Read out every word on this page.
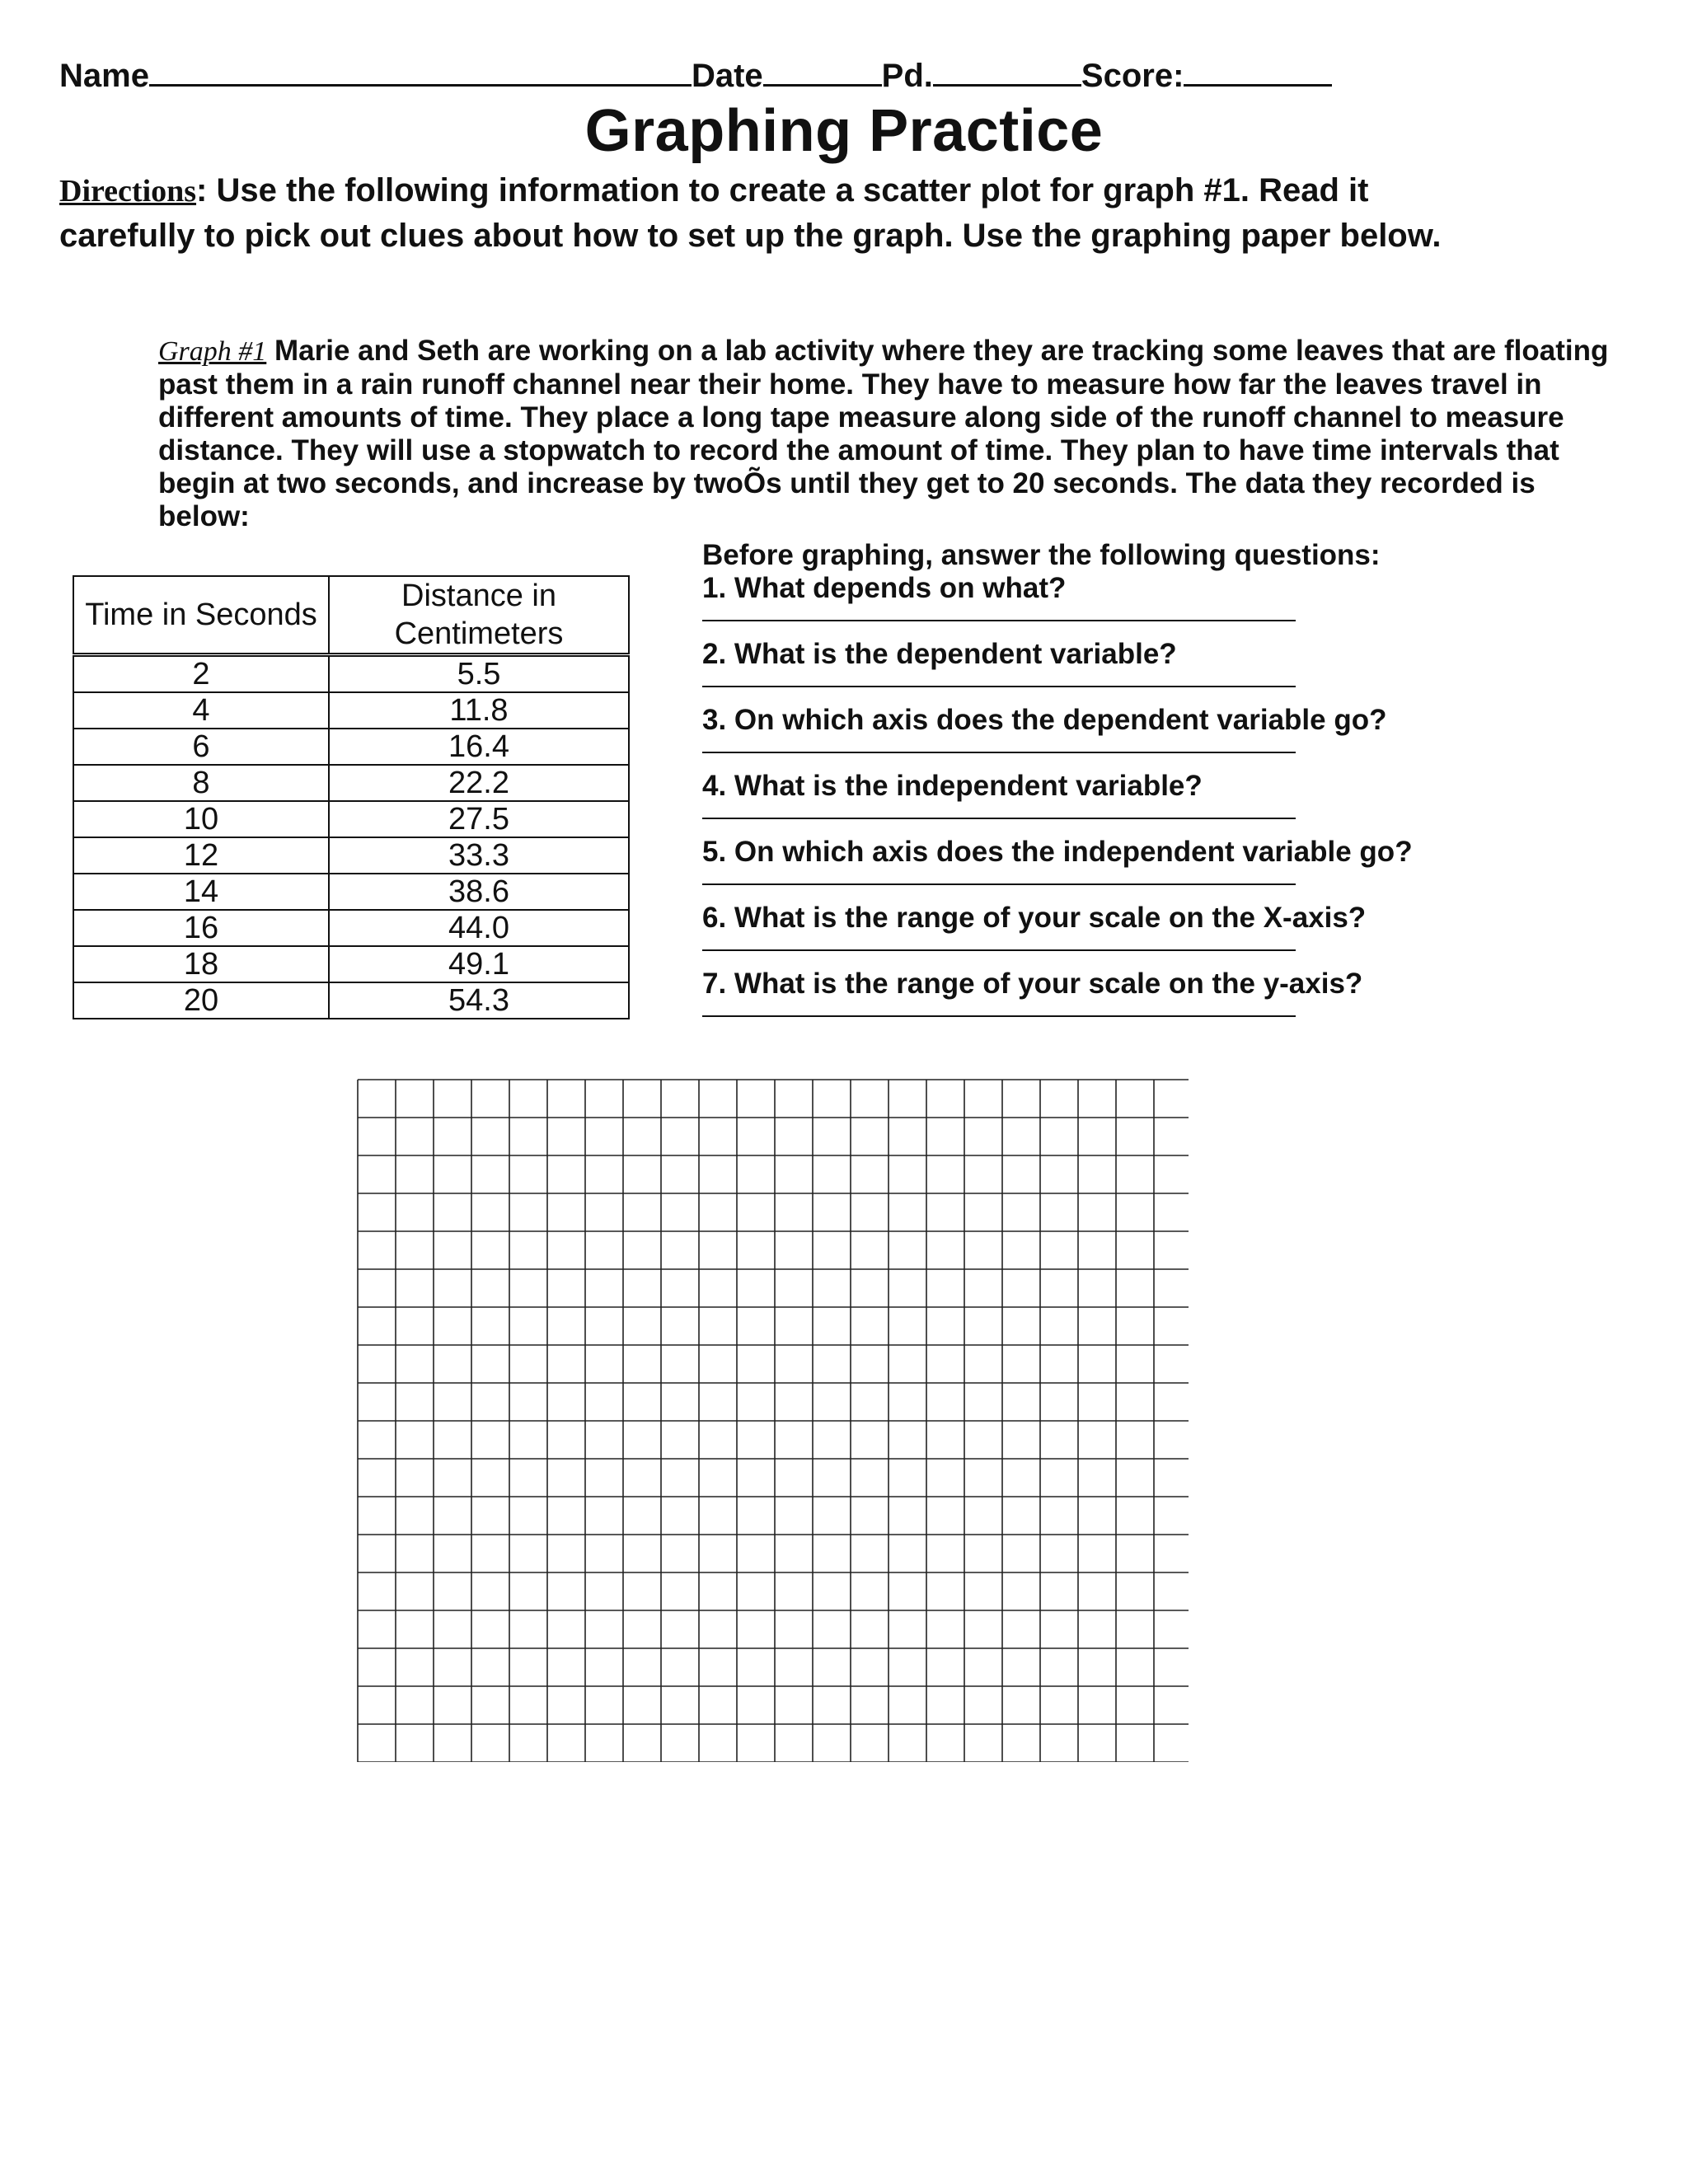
Name	Date	Pd.	Score:
Graphing Practice
Directions: Use the following information to create a scatter plot for graph #1. Read it
carefully to pick out clues about how to set up the graph. Use the graphing paper below.
Graph #1 Marie and Seth are working on a lab activity where they are tracking some leaves that are floating past them in a rain runoff channel near their home. They have to measure how far the leaves travel in different amounts of time. They place a long tape measure along side of the runoff channel to measure distance. They will use a stopwatch to record the amount of time. They plan to have time intervals that begin at two seconds, and increase by twoÕs until they get to 20 seconds. The data they recorded is below:
Time in Seconds	Distance in Centimeters
2	5.5
4	11.8
6	16.4
8	22.2
10	27.5
12	33.3
14	38.6
16	44.0
18	49.1
20	54.3
Before graphing, answer the following questions:
1. What depends on what?
2. What is the dependent variable?
3. On which axis does the dependent variable go?
4. What is the independent variable?
5. On which axis does the independent variable go?
6. What is the range of your scale on the X-axis?
7. What is the range of your scale on the y-axis?
